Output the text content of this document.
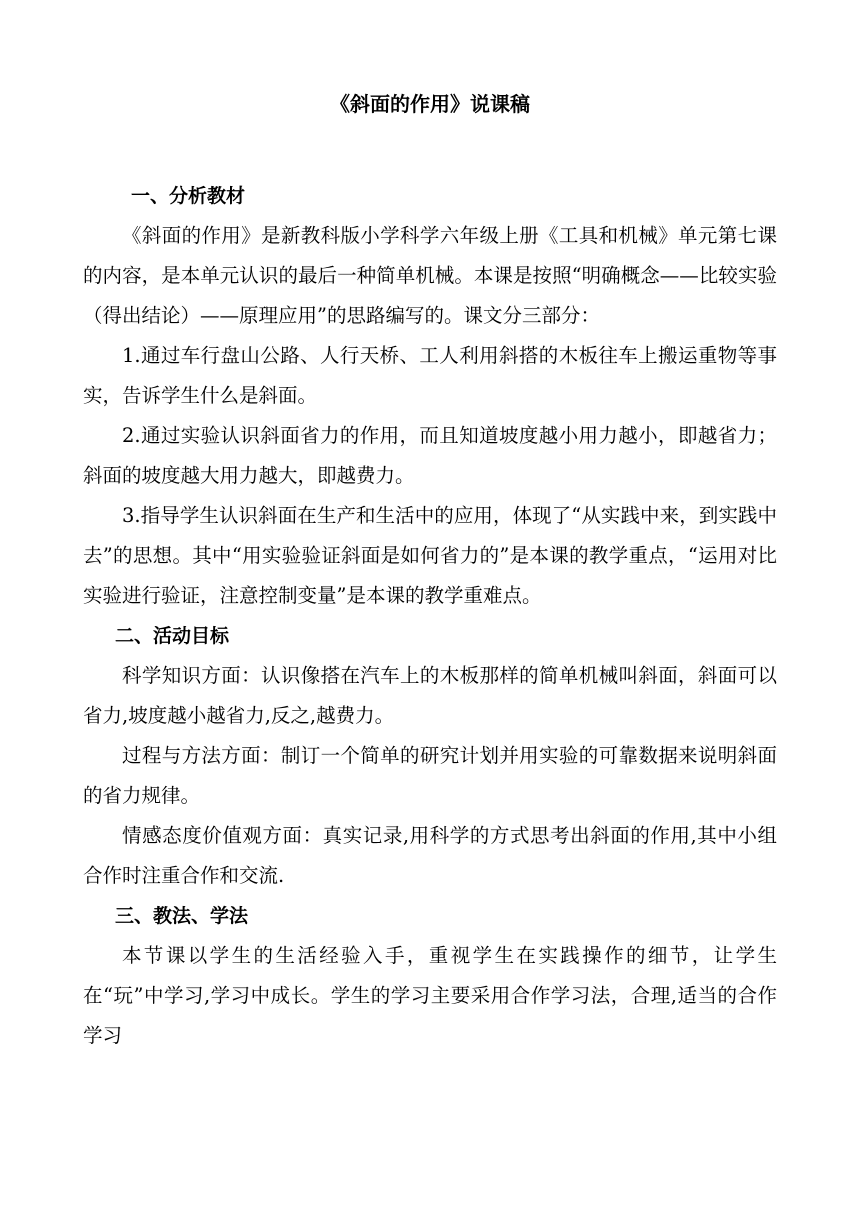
《斜面的作用》说课稿

一、分析教材

《斜面的作用》是新教科版小学科学六年级上册《工具和机械》单元第七课的内容，是本单元认识的最后一种简单机械。本课是按照“明确概念——比较实验（得出结论）——原理应用”的思路编写的。课文分三部分：

1.通过车行盘山公路、人行天桥、工人利用斜搭的木板往车上搬运重物等事实，告诉学生什么是斜面。

2.通过实验认识斜面省力的作用，而且知道坡度越小用力越小，即越省力；斜面的坡度越大用力越大，即越费力。

3.指导学生认识斜面在生产和生活中的应用，体现了“从实践中来，到实践中去”的思想。其中“用实验验证斜面是如何省力的”是本课的教学重点，“运用对比实验进行验证，注意控制变量”是本课的教学重难点。

二、活动目标

科学知识方面：认识像搭在汽车上的木板那样的简单机械叫斜面，斜面可以省力,坡度越小越省力,反之,越费力。

过程与方法方面：制订一个简单的研究计划并用实验的可靠数据来说明斜面的省力规律。

情感态度价值观方面：真实记录,用科学的方式思考出斜面的作用,其中小组合作时注重合作和交流.

三、教法、学法

本节课以学生的生活经验入手，重视学生在实践操作的细节，让学生在“玩”中学习,学习中成长。学生的学习主要采用合作学习法，合理,适当的合作学习
